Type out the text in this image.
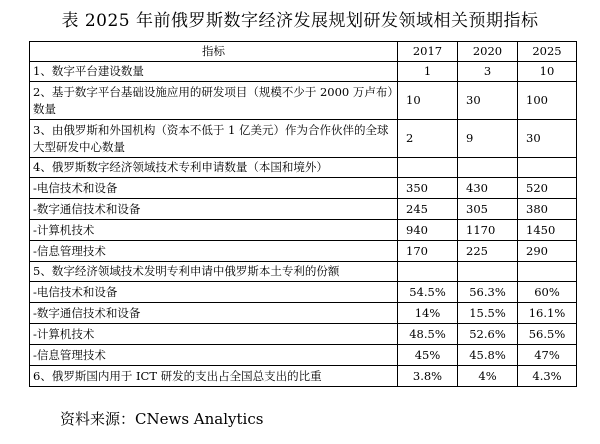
表 2025 年前俄罗斯数字经济发展规划研发领域相关预期指标
指标	2017	2020	2025
1、数字平台建设数量	1	3	10
2、基于数字平台基础设施应用的研发项目（规模不少于 2000 万卢布）数量	10	30	100
3、由俄罗斯和外国机构（资本不低于 1 亿美元）作为合作伙伴的全球大型研发中心数量	2	9	30
4、俄罗斯数字经济领域技术专利申请数量（本国和境外）			
-电信技术和设备	350	430	520
-数字通信技术和设备	245	305	380
-计算机技术	940	1170	1450
-信息管理技术	170	225	290
5、数字经济领域技术发明专利申请中俄罗斯本土专利的份额			
-电信技术和设备	54.5%	56.3%	60%
-数字通信技术和设备	14%	15.5%	16.1%
-计算机技术	48.5%	52.6%	56.5%
-信息管理技术	45%	45.8%	47%
6、俄罗斯国内用于 ICT 研发的支出占全国总支出的比重	3.8%	4%	4.3%
资料来源：CNews Analytics
